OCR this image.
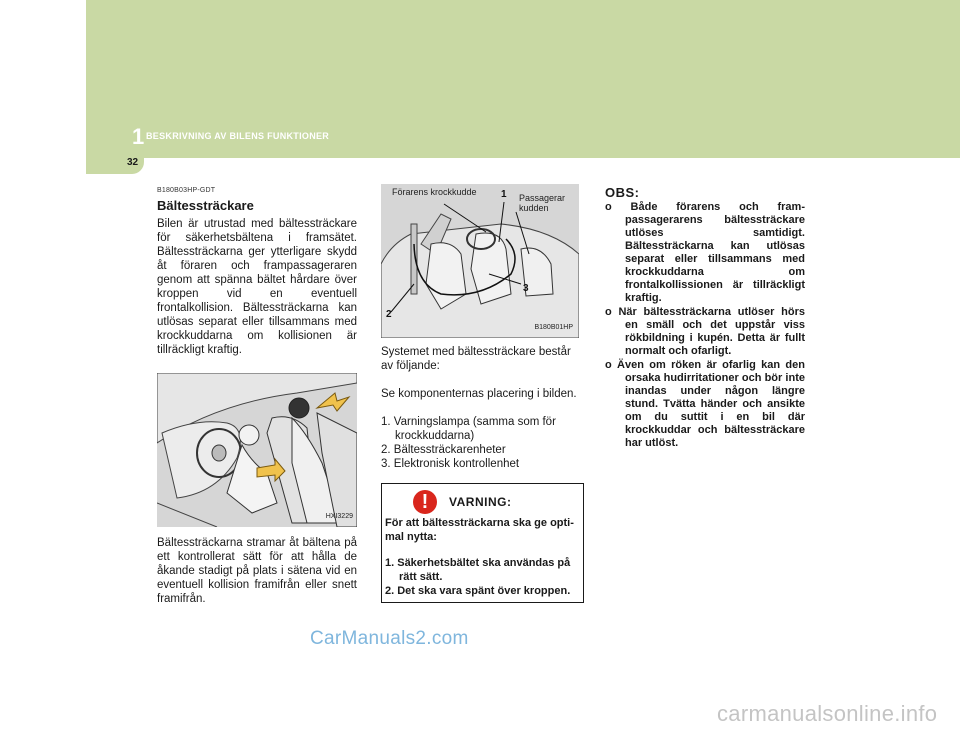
1 BESKRIVNING AV BILENS FUNKTIONER
32
B180B03HP-GDT
Bältessträckare
Bilen är utrustad med bältessträckare för säkerhetsbältena i framsätet. Bältessträckarna ger ytterligare skydd åt föraren och frampassageraren genom att spänna bältet hårdare över kroppen vid en eventuell frontalkollision. Bältessträckarna kan utlösas separat eller tillsammans med krockkuddarna om kollisionen är tillräckligt kraftig.
HXI3229
Bältessträckarna stramar åt bältena på ett kontrollerat sätt för att hålla de åkande stadigt på plats i sätena vid en eventuell kollision framifrån eller snett framifrån.
Förarens krockkudde
Passagerar kudden
1
2
3
B180B01HP
Systemet med bältessträckare består av följande:
Se komponenternas placering i bilden.
1. Varningslampa (samma som för krockkuddarna)
2. Bältessträckarenheter
3. Elektronisk kontrollenhet
!	VARNING:
För att bältessträckarna ska ge opti-mal nytta:
1. Säkerhetsbältet ska användas på rätt sätt.
2. Det ska vara spänt över kroppen.
OBS:
o Både förarens och fram-passagerarens bältessträckare utlöses samtidigt. Bältessträckarna kan utlösas separat eller tillsammans med krockkuddarna om frontalkollissionen är tillräckligt kraftig.
o När bältessträckarna utlöser hörs en smäll och det uppstår viss rökbildning i kupén. Detta är fullt normalt och ofarligt.
o Även om röken är ofarlig kan den orsaka hudirritationer och bör inte inandas under någon längre stund. Tvätta händer och ansikte om du suttit i en bil där krockkuddar och bältessträckare har utlöst.
CarManuals2.com
carmanualsonline.info
